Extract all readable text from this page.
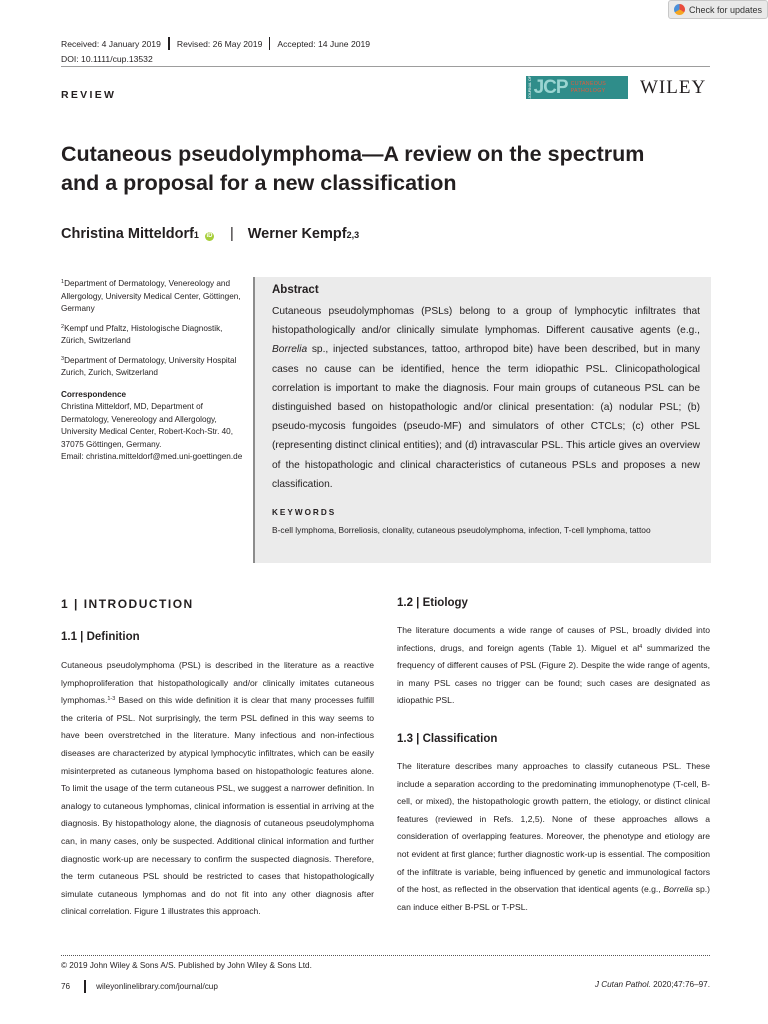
Check for updates
Received: 4 January 2019 Revised: 26 May 2019 Accepted: 14 June 2019
DOI: 10.1111/cup.13532
REVIEW	JOURNAL OF JCP CUTANEOUS
PATHOLOGY WILEY
Cutaneous pseudolymphoma—A review on the spectrum and a proposal for a new classification
Christina Mitteldorf 1 iD | Werner Kempf 2,3

$^1$Department of Dermatology, Venereology and Allergology, University Medical Center, Göttingen, Germany

$^2$Kempf und Pfaltz, Histologische Diagnostik, Zürich, Switzerland

$^3$Department of Dermatology, University Hospital Zurich, Zurich, Switzerland

Correspondence

Christina Mitteldorf, MD, Department of Dermatology, Venereology and Allergology, University Medical Center, Robert-Koch-Str. 40, 37075 Göttingen, Germany.
Email: christina.mitteldorf@med.uni-goettingen.de

Abstract
Cutaneous pseudolymphomas (PSLs) belong to a group of lymphocytic infiltrates that histopathologically and/or clinically simulate lymphomas. Different causative agents (e.g., Borrelia sp., injected substances, tattoo, arthropod bite) have been described, but in many cases no cause can be identified, hence the term idiopathic PSL. Clinicopathological correlation is important to make the diagnosis. Four main groups of cutaneous PSL can be distinguished based on histopathologic and/or clinical presentation: (a) nodular PSL; (b) pseudo-mycosis fungoides (pseudo-MF) and simulators of other CTCLs; (c) other PSL (representing distinct clinical entities); and (d) intravascular PSL. This article gives an overview of the histopathologic and clinical characteristics of cutaneous PSLs and proposes a new classification.
KEYWORDS
B-cell lymphoma, Borreliosis, clonality, cutaneous pseudolymphoma, infection, T-cell lymphoma, tattoo
1 | INTRODUCTION
1.1 | Definition
Cutaneous pseudolymphoma (PSL) is described in the literature as a reactive lymphoproliferation that histopathologically and/or clinically imitates cutaneous lymphomas.$^{1-3}$ Based on this wide definition it is clear that many processes fulfill the criteria of PSL. Not surprisingly, the term PSL defined in this way seems to have been overstretched in the literature. Many infectious and non-infectious diseases are characterized by atypical lymphocytic infiltrates, which can be easily misinterpreted as cutaneous lymphoma based on histopathologic features alone. To limit the usage of the term cutaneous PSL, we suggest a narrower definition. In analogy to cutaneous lymphomas, clinical information is essential in arriving at the diagnosis. By histopathology alone, the diagnosis of cutaneous pseudolymphoma can, in many cases, only be suspected. Additional clinical information and further diagnostic work-up are necessary to confirm the suspected diagnosis. Therefore, the term cutaneous PSL should be restricted to cases that histopathologically simulate cutaneous lymphomas and do not fit into any other diagnosis after clinical correlation. Figure 1 illustrates this approach.
1.2 | Etiology
The literature documents a wide range of causes of PSL, broadly divided into infections, drugs, and foreign agents (Table 1). Miguel et $al^4$ summarized the frequency of different causes of PSL (Figure 2). Despite the wide range of agents, in many PSL cases no trigger can be found; such cases are designated as idiopathic PSL.
1.3 | Classification
The literature describes many approaches to classify cutaneous PSL. These include a separation according to the predominating immunophenotype (T-cell, B-cell, or mixed), the histopathologic growth pattern, the etiology, or distinct clinical features (reviewed in Refs. 1,2,5). None of these approaches allows a consideration of overlapping features. Moreover, the phenotype and etiology are not evident at first glance; further diagnostic work-up is essential. The composition of the infiltrate is variable, being influenced by genetic and immunological factors of the host, as reflected in the observation that identical agents (e.g., Borrelia sp.) can induce either B-PSL or T-PSL.
© 2019 John Wiley & Sons A/S. Published by John Wiley & Sons Ltd.
76	wileyonlinelibrary.com/journal/cup	J Cutan Pathol. 2020;47:76–97.
